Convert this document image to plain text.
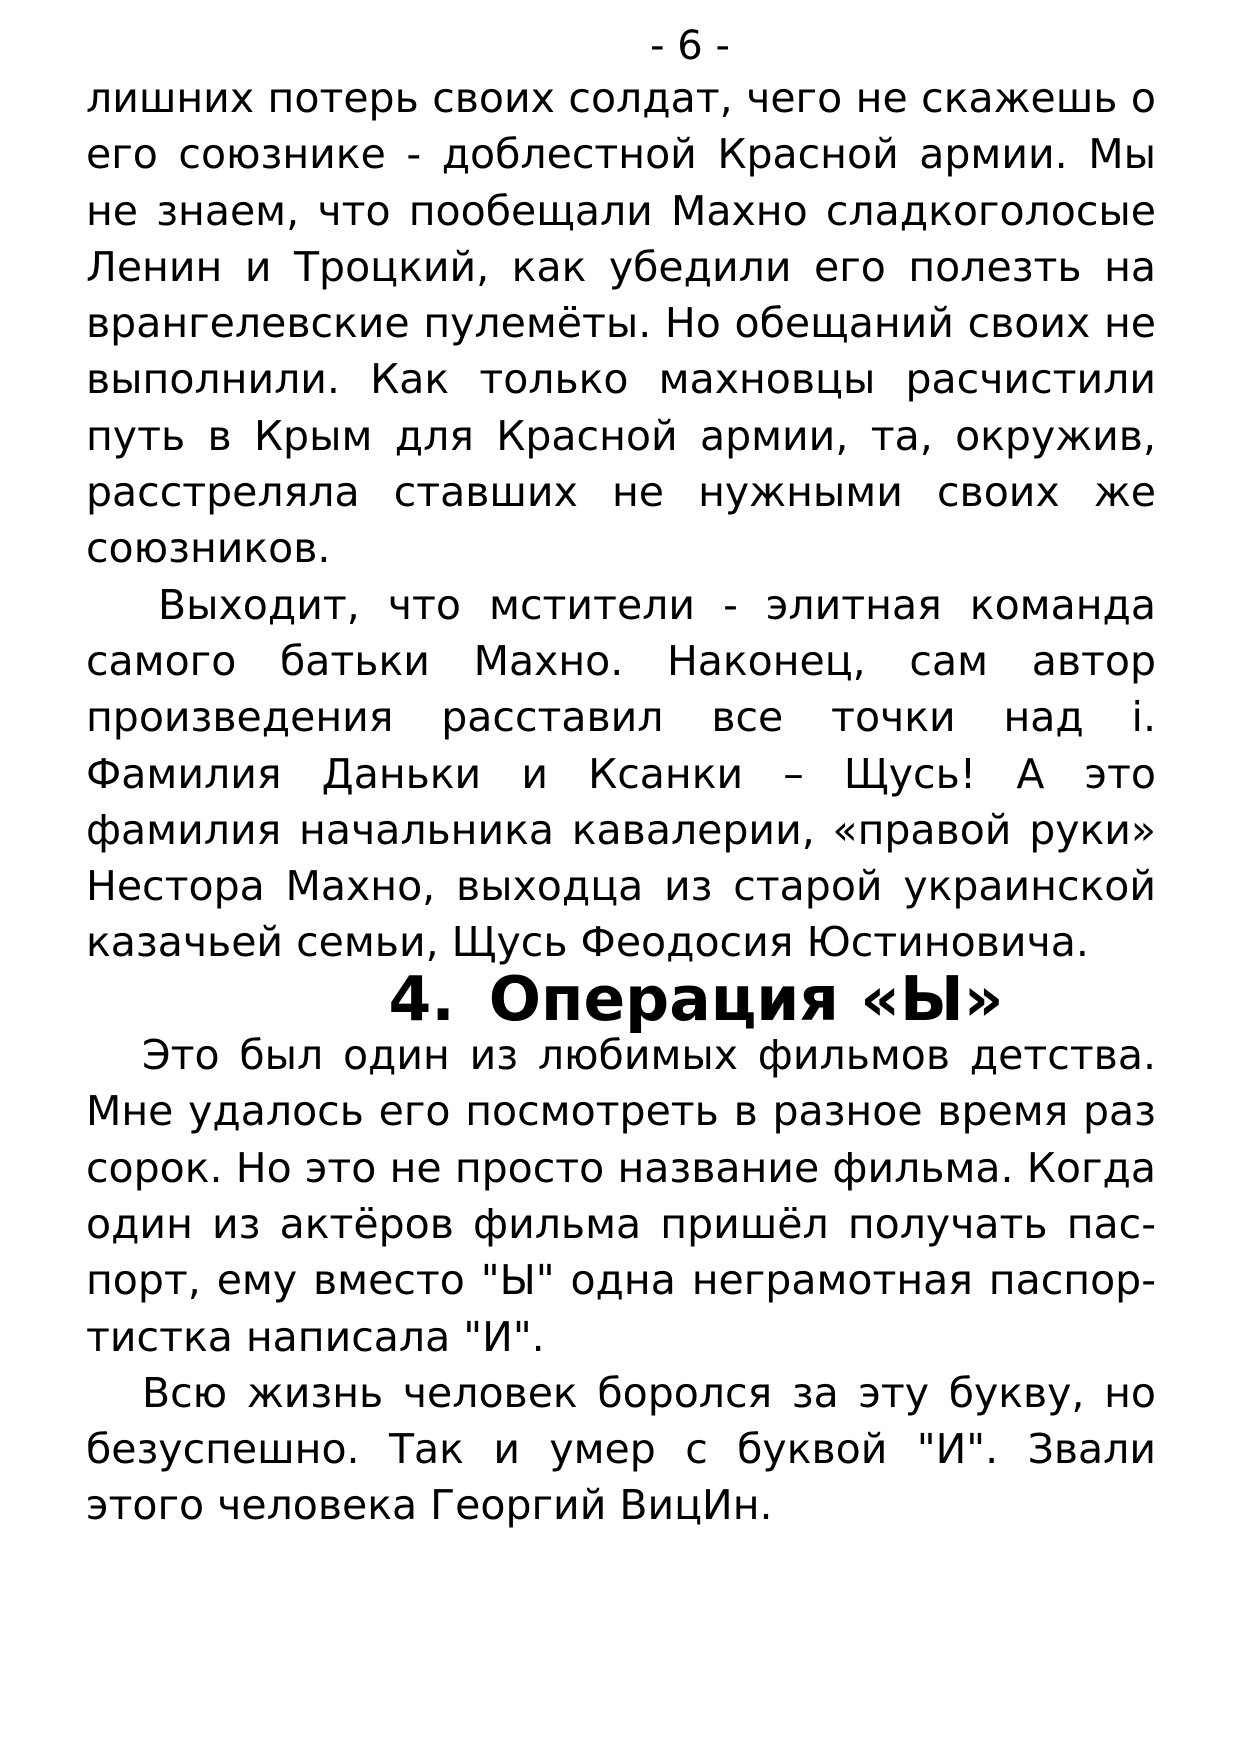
- 6 -

лишних потерь своих солдат, чего не скажешь о его союзнике - доблестной Красной армии. Мы не знаем, что пообещали Махно сладкоголосые Ленин и Троцкий, как убедили его полезть на врангелевские пулемёты. Но обещаний своих не выполнили. Как только махновцы расчистили путь в Крым для Красной армии, та, окружив, расстреляла ставших не нужными своих же союзников.

Выходит, что мстители - элитная команда самого батьки Махно. Наконец, сам автор произведения расставил все точки над і. Фамилия Даньки и Ксанки – Щусь! А это фамилия начальника кавалерии, «правой руки» Нестора Махно, выходца из старой украинской казачьей семьи, Щусь Феодосия Юстиновича.

4. Операция «Ы»

Это был один из любимых фильмов детства. Мне удалось его посмотреть в разное время раз сорок. Но это не просто название фильма. Когда один из актёров фильма пришёл получать паспорт, ему вместо "Ы" одна неграмотная паспортистка написала "И".

Всю жизнь человек боролся за эту букву, но безуспешно. Так и умер с буквой "И". Звали этого человека Георгий ВицИн.
